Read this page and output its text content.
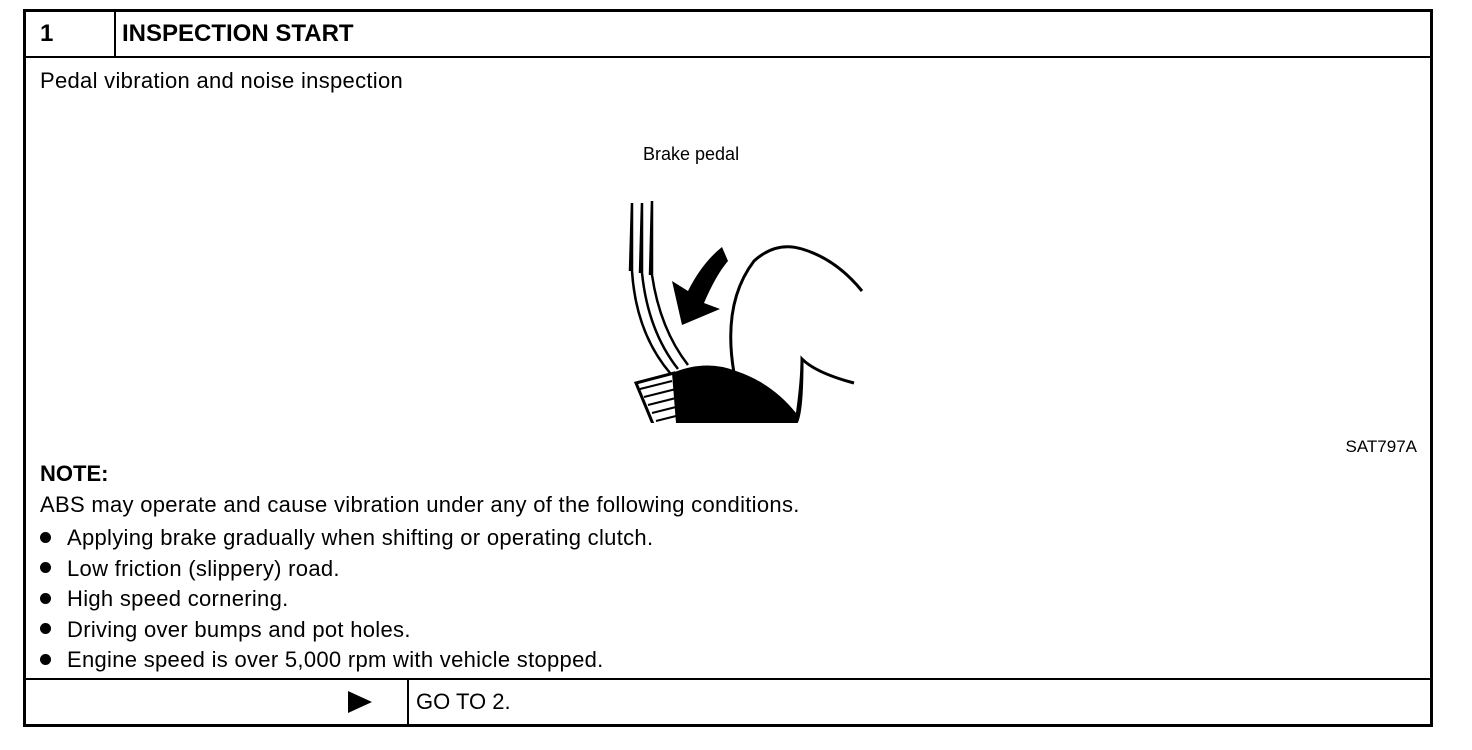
1	INSPECTION START
Pedal vibration and noise inspection
Brake pedal
SAT797A
NOTE:
ABS may operate and cause vibration under any of the following conditions.
Applying brake gradually when shifting or operating clutch.
Low friction (slippery) road.
High speed cornering.
Driving over bumps and pot holes.
Engine speed is over 5,000 rpm with vehicle stopped.
GO TO 2.
